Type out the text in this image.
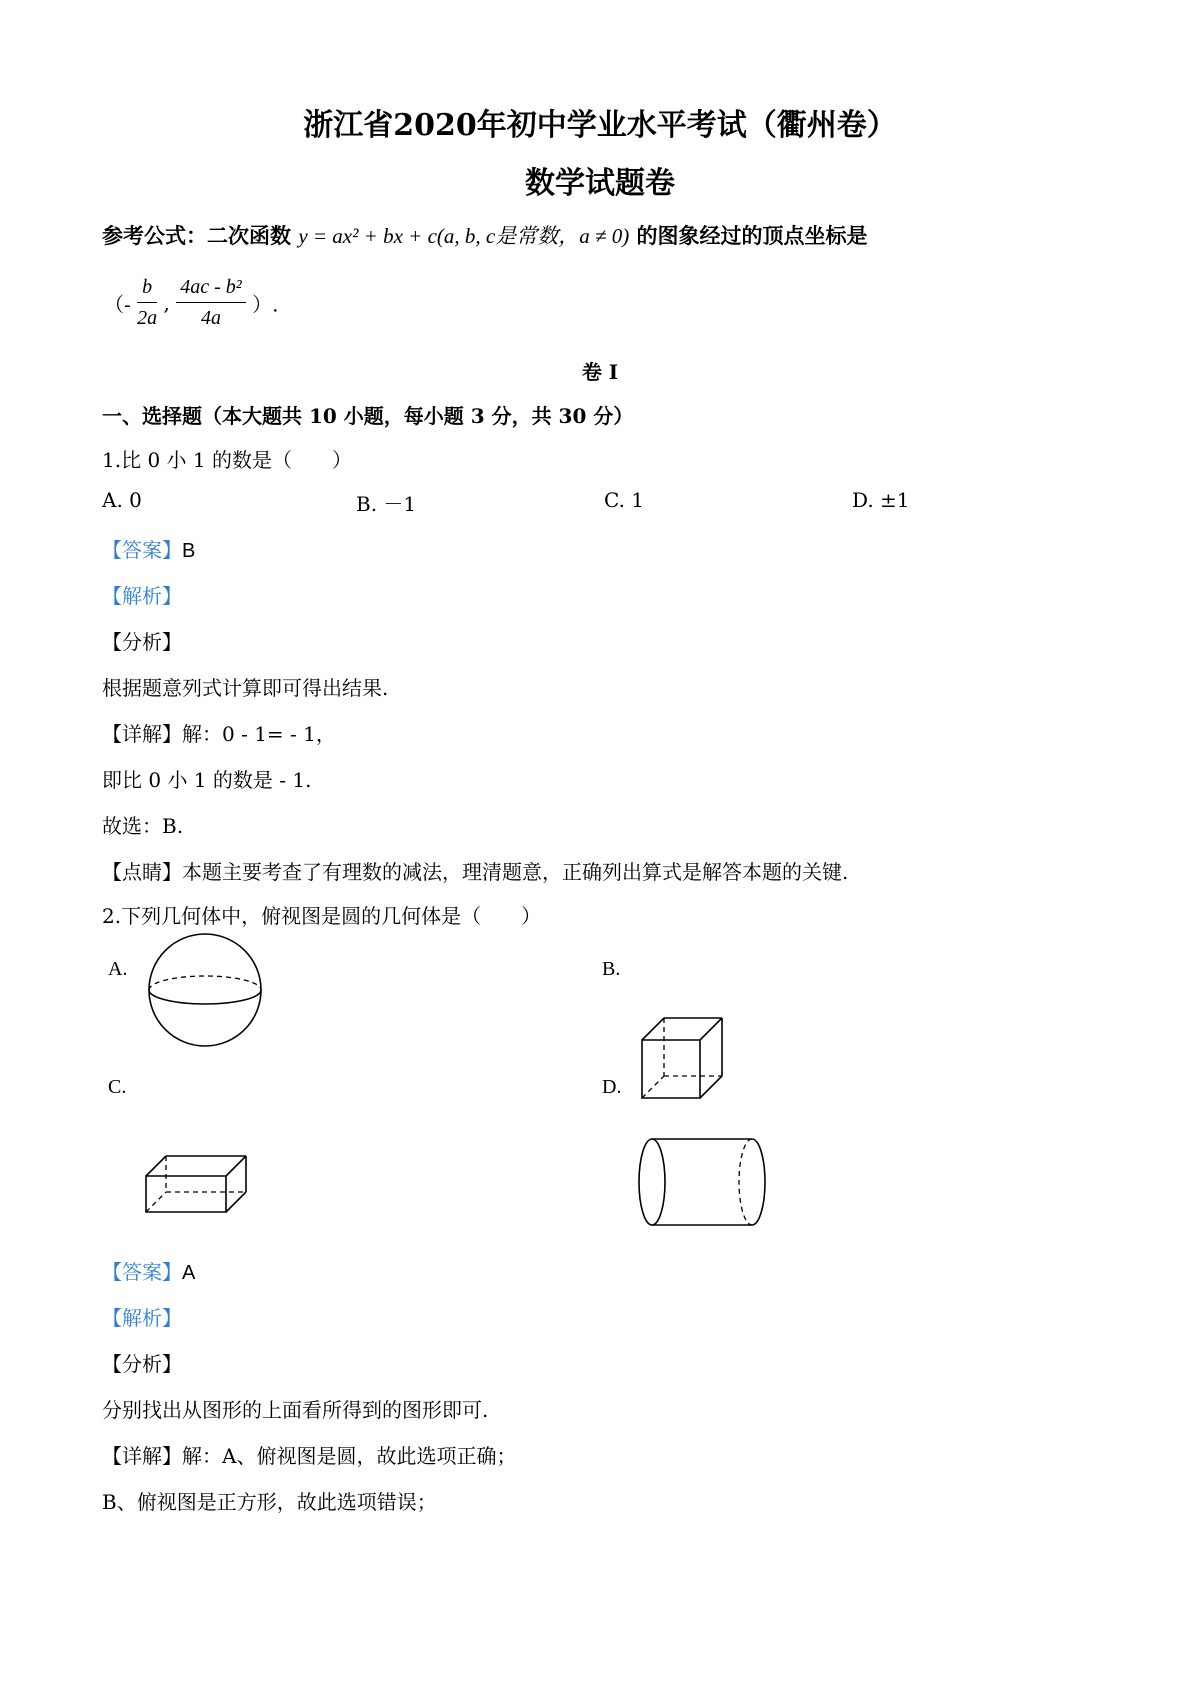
浙江省2020年初中学业水平考试（衢州卷）
数学试题卷
参考公式：二次函数 y = ax² + bx + c(a, b, c是常数，a ≠ 0) 的图象经过的顶点坐标是
（- $\frac{b}{2a}$ , $\frac{\text{4ac - b²}}{4a}$ ）.
卷 I
一、选择题（本大题共 10 小题，每小题 3 分，共 30 分）
1.比 0 小 1 的数是（　　）
A. 0	B. －1	C. 1	D. ±1
【答案】B
【解析】
【分析】
根据题意列式计算即可得出结果.
【详解】解：0 - 1= - 1，
即比 0 小 1 的数是 - 1.
故选：B.
【点睛】本题主要考查了有理数的减法，理清题意，正确列出算式是解答本题的关键.
2.下列几何体中，俯视图是圆的几何体是（　　）
A.	B.
C.	D.
【答案】A
【解析】
【分析】
分别找出从图形的上面看所得到的图形即可.
【详解】解：A、俯视图是圆，故此选项正确；
B、俯视图是正方形，故此选项错误；
